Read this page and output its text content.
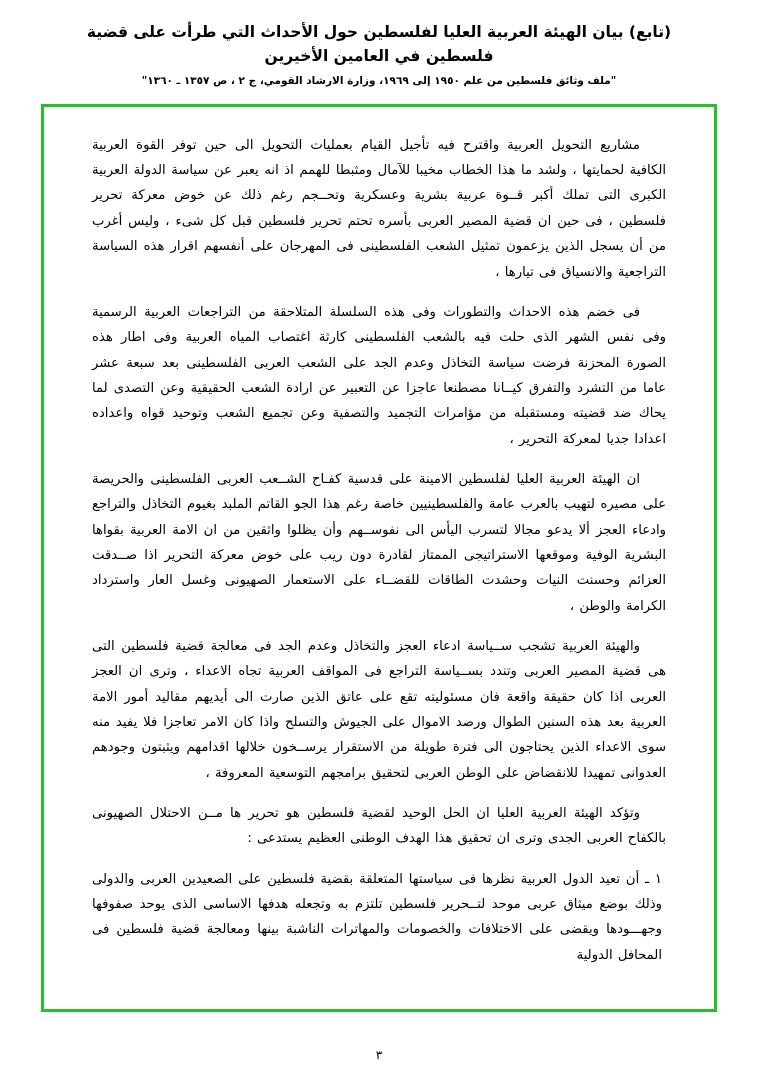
(تابع) بيان الهيئة العربية العليا لفلسطين حول الأحداث التي طرأت على قضية فلسطين في العامين الأخيرين
"ملف وثائق فلسطين من علم ١٩٥٠ إلى ١٩٦٩، وزارة الارشاد القومي، ج ٢ ، ص ١٣٥٧ ـ ١٣٦٠"

مشاريع التحويل العربية واقترح فيه تأجيل القيام بعمليات التحويل الى حين توفر القوة العربية الكافية لحمايتها ، ولشد ما هذا الخطاب مخيبا للآمال ومثبطا للهمم اذ انه يعبر عن سياسة الدولة العربية الكبرى التى تملك أكبر قــوة عربية بشرية وعسكرية وتحــجم رغم ذلك عن خوض معركة تحرير فلسطين ، فى حين ان قضية المصير العربى بأسره تحتم تحرير فلسطين قبل كل شىء ، وليس أغرب من أن يسجل الذين يزعمون تمثيل الشعب الفلسطينى فى المهرجان على أنفسهم اقرار هذه السياسة التراجعية والانسياق فى تيارها ،

فى خضم هذه الاحداث والتطورات وفى هذه السلسلة المتلاحقة من التراجعات العربية الرسمية وفى نفس الشهر الذى حلت فيه بالشعب الفلسطينى كارثة اغتصاب المياه العربية وفى اطار هذه الصورة المحزنة فرضت سياسة التخاذل وعدم الجد على الشعب العربى الفلسطينى بعد سبعة عشر عاما من التشرد والتفرق كيــانا مصطنعا عاجزا عن التعبير عن ارادة الشعب الحقيقية وعن التصدى لما يحاك ضد قضيته ومستقبله من مؤامرات التجميد والتصفية وعن تجميع الشعب وتوحيد قواه واعداده اعدادا جديا لمعركة التحرير ،

ان الهيئة العربية العليا لفلسطين الامينة على قدسية كفـاح الشــعب العربى الفلسطينى والحريصة على مصيره لتهيب بالعرب عامة والفلسطينيين خاصة رغم هذا الجو القاتم الملبد بغيوم التخاذل والتراجع وادعاء العجز ألا يدعو مجالا لتسرب اليأس الى نفوســهم وأن يظلوا واثقين من ان الامة العربية بقواها البشرية الوفية وموقعها الاستراتيجى الممتاز لقادرة دون ريب على خوض معركة التحرير اذا صــدقت العزائم وحسنت النيات وحشدت الطاقات للقضــاء على الاستعمار الصهيونى وغسل العار واسترداد الكرامة والوطن ،

والهيئة العربية تشجب ســياسة ادعاء العجز والتخاذل وعدم الجد فى معالجة قضية فلسطين التى هى قضية المصير العربى وتندد بســياسة التراجع فى المواقف العربية تجاه الاعداء ، وترى ان العجز العربى اذا كان حقيقة واقعة فان مسئوليته تقع على عاتق الذين صارت الى أيديهم مقاليد أمور الامة العربية بعد هذه السنين الطوال ورصد الاموال على الجيوش والتسلح واذا كان الامر تعاجزا فلا يفيد منه سوى الاعداء الذين يحتاجون الى فترة طويلة من الاستقرار يرســخون خلالها اقدامهم ويثبتون وجودهم العدوانى تمهيدا للانقضاض على الوطن العربى لتحقيق برامجهم التوسعية المعروفة ،

وتؤكد الهيئة العربية العليا ان الحل الوحيد لقضية فلسطين هو تحرير ها مــن الاحتلال الصهيونى بالكفاح العربى الجدى وترى ان تحقيق هذا الهدف الوطنى العظيم يستدعى :

١ ـ أن تعيد الدول العربية نظرها فى سياستها المتعلقة بقضية فلسطين على الصعيدين العربى والدولى وذلك بوضع ميثاق عربى موحد لتــحرير فلسطين تلتزم به وتجعله هدفها الاساسى الذى يوحد صفوفها وجهـــودها ويقضى على الاختلافات والخصومات والمهاترات الناشبة بينها ومعالجة قضية فلسطين فى المحافل الدولية

٣
